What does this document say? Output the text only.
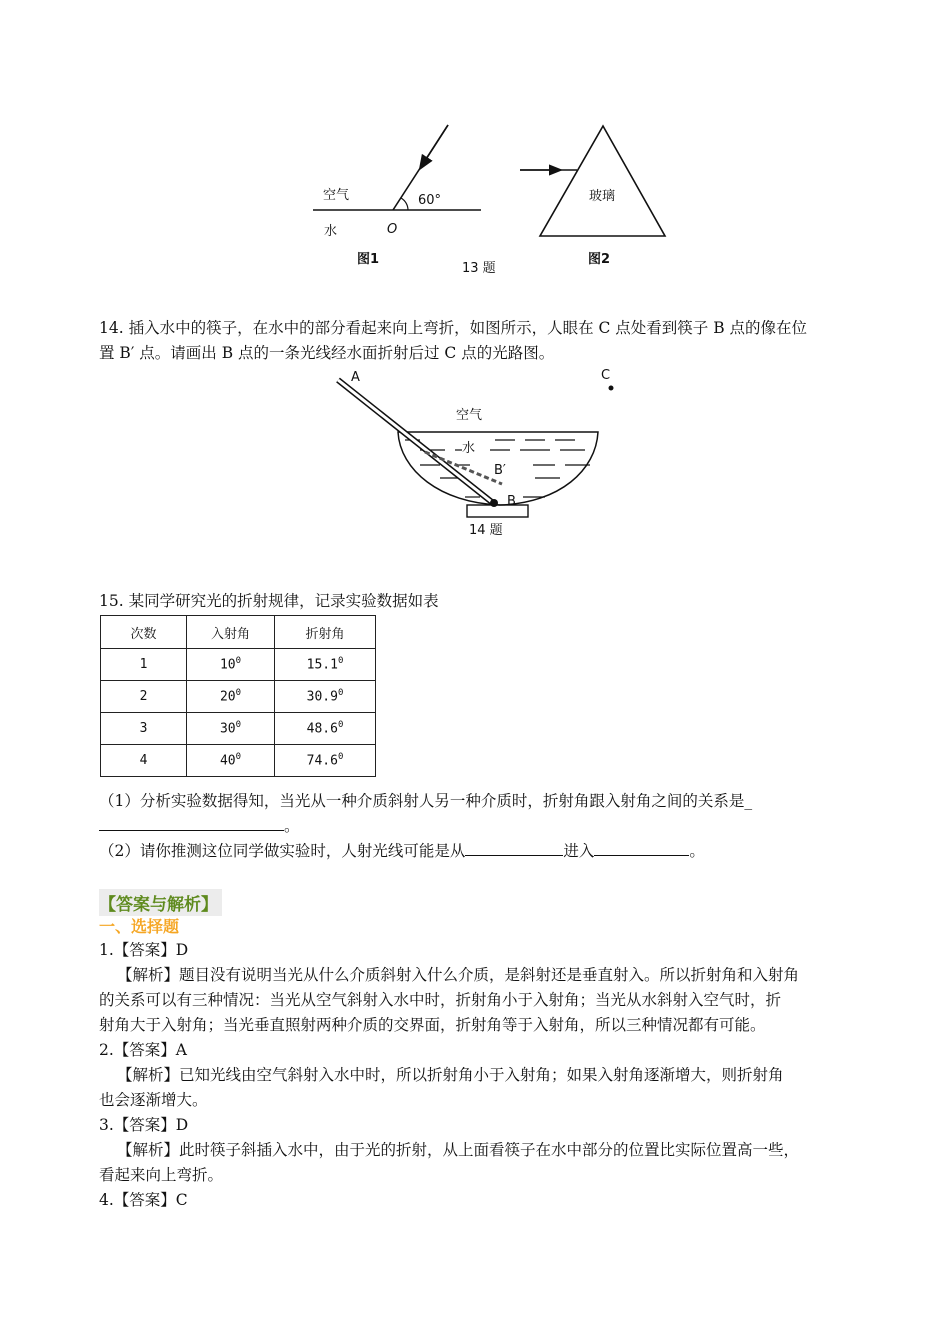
空气
水	O
60°
图1
13 题
玻璃
图2
A	C
空气
水
B′
B
14 题
14. 插入水中的筷子，在水中的部分看起来向上弯折，如图所示，人眼在 C 点处看到筷子 B 点的像在位
置 B′ 点。请画出 B 点的一条光线经水面折射后过 C 点的光路图。
15. 某同学研究光的折射规律，记录实验数据如表
次数	入射角	折射角
1	$10^0$	15.1$^0$
2	$20^0$	30.9$^0$
3	$30^0$	48.6$^0$
4	$40^0$	74.6$^0$
（1）分析实验数据得知，当光从一种介质斜射人另一种介质时，折射角跟入射角之间的关系是_
。
（2）请你推测这位同学做实验时，人射光线可能是从	进入	。
【答案与解析】
一、选择题
1.【答案】D
【解析】题目没有说明当光从什么介质斜射入什么介质，是斜射还是垂直射入。所以折射角和入射角
的关系可以有三种情况：当光从空气斜射入水中时，折射角小于入射角；当光从水斜射入空气时，折
射角大于入射角；当光垂直照射两种介质的交界面，折射角等于入射角，所以三种情况都有可能。
2.【答案】A
【解析】已知光线由空气斜射入水中时，所以折射角小于入射角；如果入射角逐渐增大，则折射角
也会逐渐增大。
3.【答案】D
【解析】此时筷子斜插入水中，由于光的折射，从上面看筷子在水中部分的位置比实际位置高一些，
看起来向上弯折。
4.【答案】C
